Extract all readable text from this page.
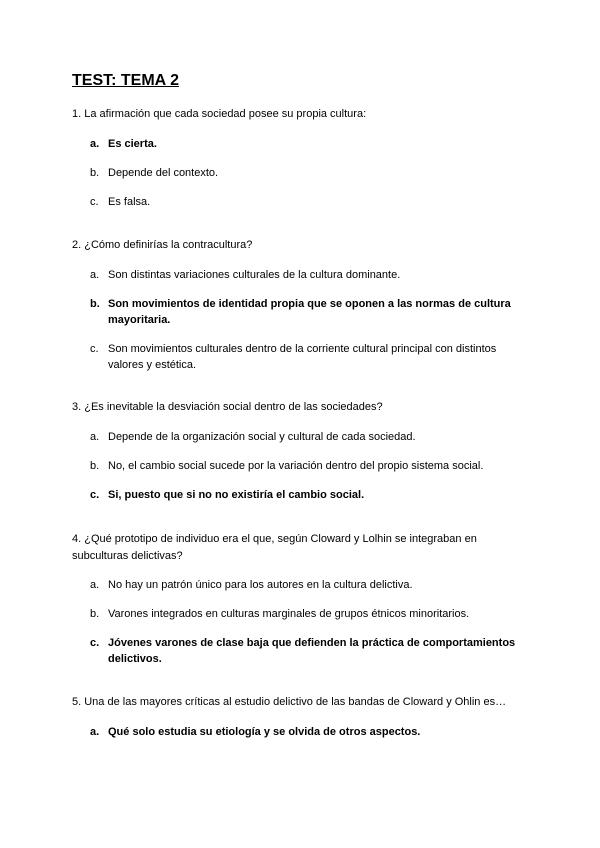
TEST: TEMA 2

1. La afirmación que cada sociedad posee su propia cultura:

a. Es cierta.
b. Depende del contexto.
c. Es falsa.

2. ¿Cómo definirías la contracultura?

a. Son distintas variaciones culturales de la cultura dominante.
b. Son movimientos de identidad propia que se oponen a las normas de cultura mayoritaria.
c. Son movimientos culturales dentro de la corriente cultural principal con distintos valores y estética.

3. ¿Es inevitable la desviación social dentro de las sociedades?

a. Depende de la organización social y cultural de cada sociedad.
b. No, el cambio social sucede por la variación dentro del propio sistema social.
c. Si, puesto que si no no existiría el cambio social.

4. ¿Qué prototipo de individuo era el que, según Cloward y Lolhin se integraban en subculturas delictivas?

a. No hay un patrón único para los autores en la cultura delictiva.
b. Varones integrados en culturas marginales de grupos étnicos minoritarios.
c. Jóvenes varones de clase baja que defienden la práctica de comportamientos delictivos.

5. Una de las mayores críticas al estudio delictivo de las bandas de Cloward y Ohlin es…

a. Qué solo estudia su etiología y se olvida de otros aspectos.
